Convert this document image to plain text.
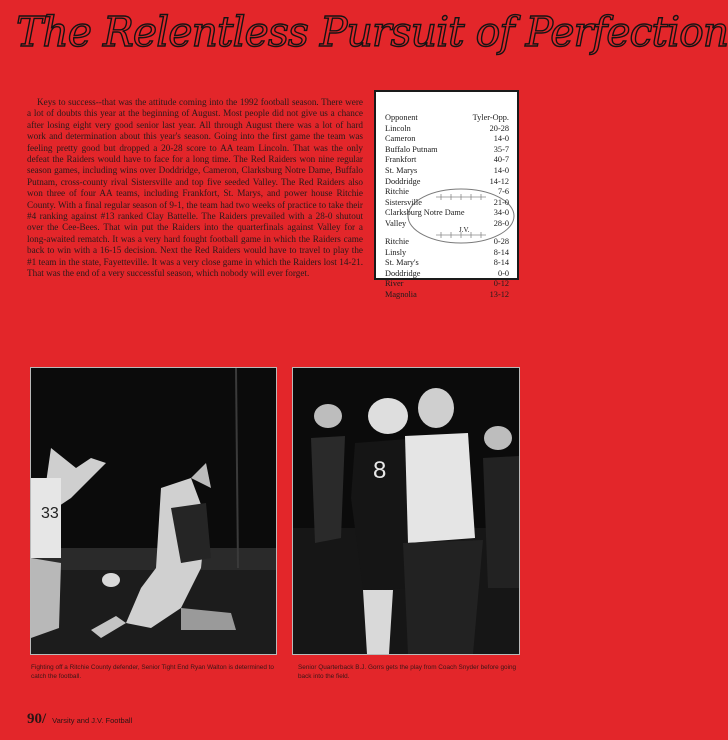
The Relentless Pursuit of Perfection

Keys to success--that was the attitude coming into the 1992 football season. There were a lot of doubts this year at the beginning of August. Most people did not give us a chance after losing eight very good senior last year. All through August there was a lot of hard work and determination about this year's season. Going into the first game the team was feeling pretty good but dropped a 20-28 score to AA team Lincoln. That was the only defeat the Raiders would have to face for a long time. The Red Raiders won nine regular season games, including wins over Doddridge, Cameron, Clarksburg Notre Dame, Buffalo Putnam, cross-county rival Sistersville and top five seeded Valley. The Red Raiders also won three of four AA teams, including Frankfort, St. Marys, and power house Ritchie County. With a final regular season of 9-1, the team had two weeks of practice to take their #4 ranking against #13 ranked Clay Battelle. The Raiders prevailed with a 28-0 shutout over the Cee-Bees. That win put the Raiders into the quarterfinals against Valley for a long-awaited rematch. It was a very hard fought football game in which the Raiders came back to win with a 16-15 decision. Next the Red Raiders would have to travel to play the #1 team in the state, Fayetteville. It was a very close game in which the Raiders lost 14-21. That was the end of a very successful season, which nobody will ever forget.

Opponent	Tyler-Opp.
Lincoln	20-28
Cameron	14-0
Buffalo Putnam	35-7
Frankfort	40-7
St. Marys	14-0
Doddridge	14-12
Ritchie	7-6
Sistersville	21-0
Clarksburg Notre Dame	34-0
Valley	28-0
J.V.
Ritchie	0-28
Linsly	8-14
St. Mary's	8-14
Doddridge	0-0
River	0-12
Magnolia	13-12
33
8
Fighting off a Ritchie County defender, Senior Tight End Ryan Walton is determined to catch the football.
Senior Quarterback B.J. Gorrs gets the play from Coach Snyder before going back into the field.
90/ Varsity and J.V. Football
